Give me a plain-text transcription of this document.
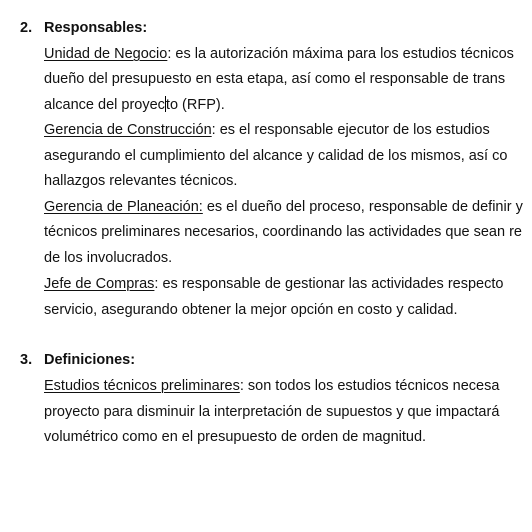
2. Responsables:
Unidad de Negocio: es la autorización máxima para los estudios técnicos
dueño del presupuesto en esta etapa, así como el responsable de trans
alcance del proyecto (RFP).
Gerencia de Construcción: es el responsable ejecutor de los estudios
asegurando el cumplimiento del alcance y calidad de los mismos, así co
hallazgos relevantes técnicos.
Gerencia de Planeación: es el dueño del proceso, responsable de definir y
técnicos preliminares necesarios, coordinando las actividades que sean re
de los involucrados.
Jefe de Compras: es responsable de gestionar las actividades respecto
servicio, asegurando obtener la mejor opción en costo y calidad.
3. Definiciones:
Estudios técnicos preliminares: son todos los estudios técnicos necesa
proyecto para disminuir la interpretación de supuestos y que impactará
volumétrico como en el presupuesto de orden de magnitud.
